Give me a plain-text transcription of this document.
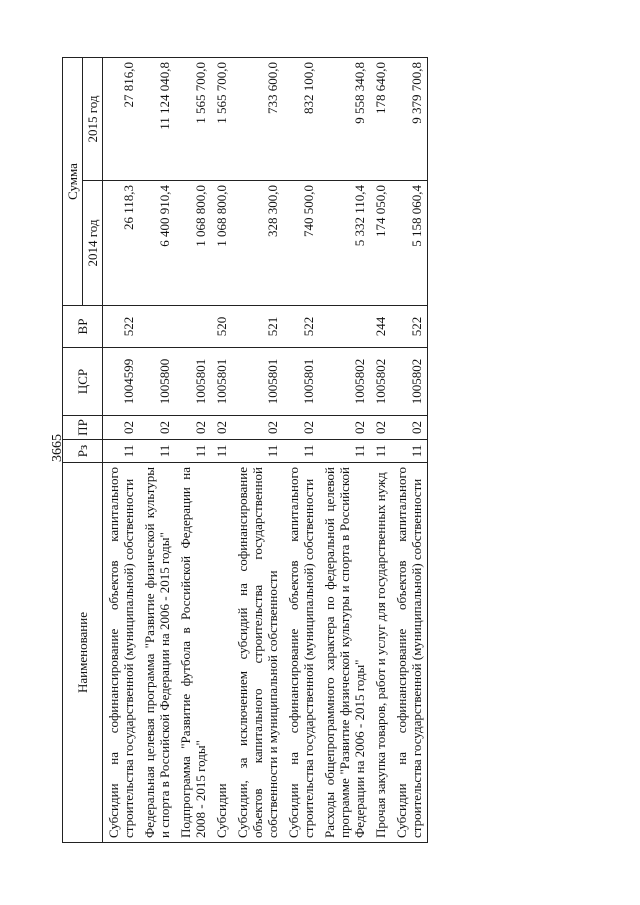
3665
Наименование	Рз	ПР	ЦСР	ВР	Сумма	
					2014 год	2015 год
Субсидии на софинансирование объектов капитального строительства государственной (муниципальной) собственности	11	02	1004599	522	26 118,3	27 816,0
Федеральная целевая программа "Развитие физической культуры и спорта в Российской Федерации на 2006 - 2015 годы"	11	02	1005800		6 400 910,4	11 124 040,8
Подпрограмма "Развитие футбола в Российской Федерации на 2008 - 2015 годы"	11	02	1005801		1 068 800,0	1 565 700,0
Субсидии	11	02	1005801	520	1 068 800,0	1 565 700,0
Субсидии, за исключением субсидий на софинансирование объектов капитального строительства государственной собственности и муниципальной собственности	11	02	1005801	521	328 300,0	733 600,0
Субсидии на софинансирование объектов капитального строительства государственной (муниципальной) собственности	11	02	1005801	522	740 500,0	832 100,0
Расходы общепрограммного характера по федеральной целевой программе "Развитие физической культуры и спорта в Российской Федерации на 2006 - 2015 годы"	11	02	1005802		5 332 110,4	9 558 340,8
Прочая закупка товаров, работ и услуг для государственных нужд	11	02	1005802	244	174 050,0	178 640,0
Субсидии на софинансирование объектов капитального строительства государственной (муниципальной) собственности	11	02	1005802	522	5 158 060,4	9 379 700,8
